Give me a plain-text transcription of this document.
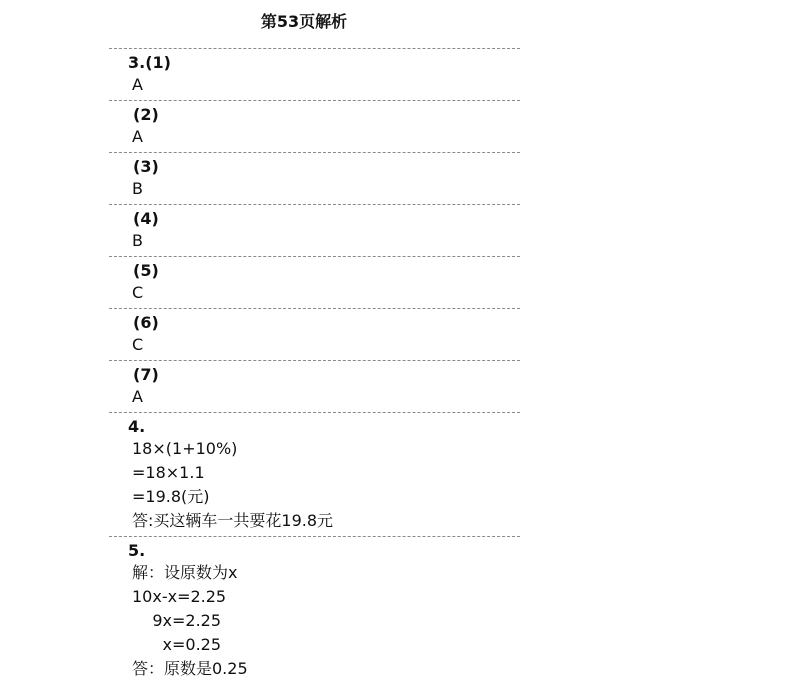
第53页解析
3.(1)
A
(2)
A
(3)
B
(4)
B
(5)
C
(6)
C
(7)
A
4.
18×(1+10%)
=18×1.1
=19.8(元)
答:买这辆车一共要花19.8元
5.
解：设原数为x
10x-x=2.25
9x=2.25
x=0.25
答：原数是0.25
